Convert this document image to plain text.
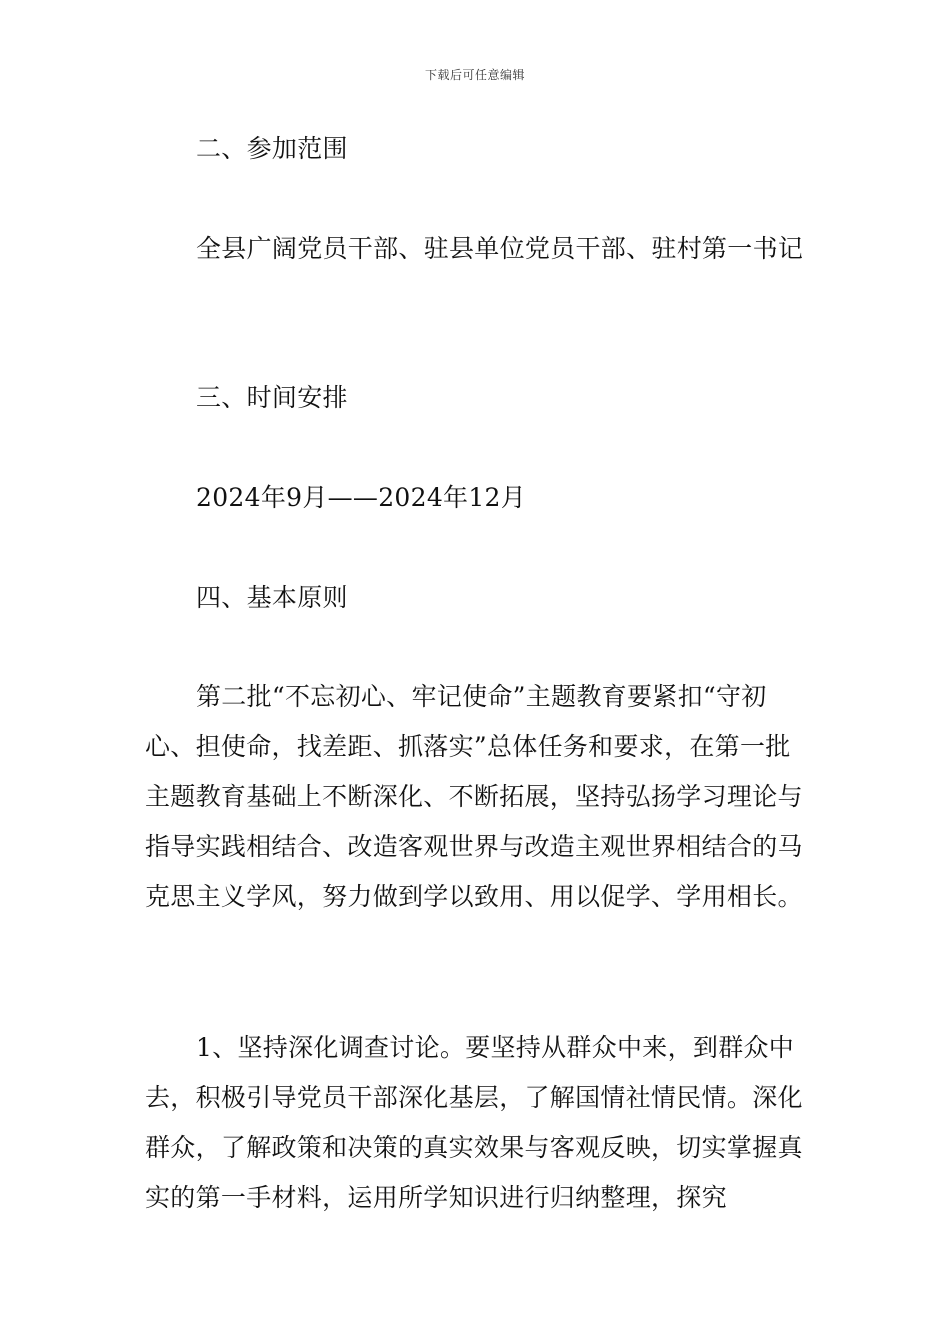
下载后可任意编辑
二、参加范围
全县广阔党员干部、驻县单位党员干部、驻村第一书记
三、时间安排
2024年9月——2024年12月
四、基本原则
第二批“不忘初心、牢记使命”主题教育要紧扣“守初心、担使命，找差距、抓落实”总体任务和要求，在第一批主题教育基础上不断深化、不断拓展，坚持弘扬学习理论与指导实践相结合、改造客观世界与改造主观世界相结合的马克思主义学风，努力做到学以致用、用以促学、学用相长。
1、坚持深化调查讨论。要坚持从群众中来，到群众中去，积极引导党员干部深化基层，了解国情社情民情。深化群众，了解政策和决策的真实效果与客观反映，切实掌握真实的第一手材料，运用所学知识进行归纳整理，探究
